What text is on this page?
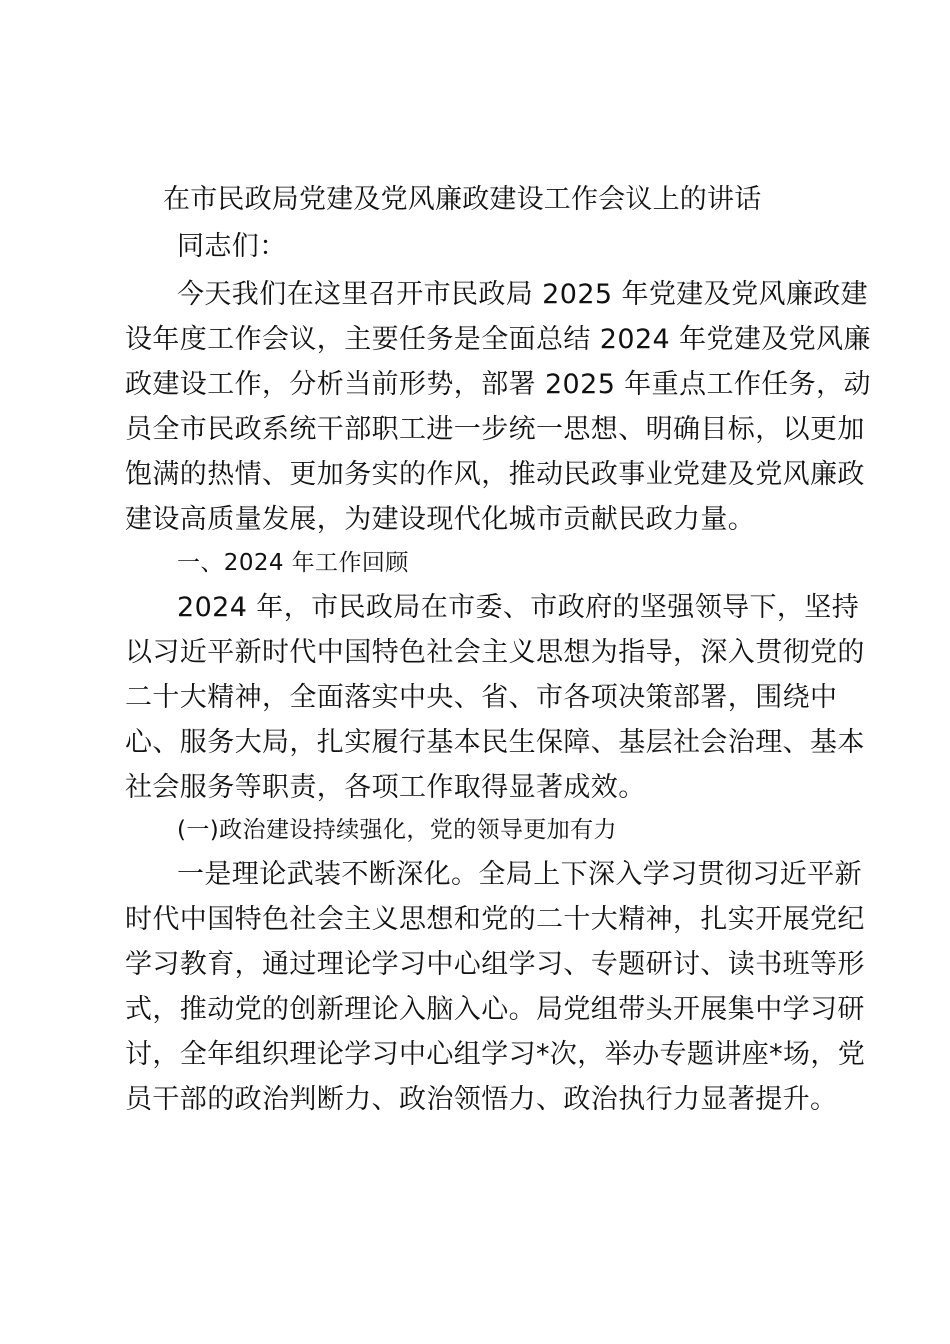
在市民政局党建及党风廉政建设工作会议上的讲话
同志们：
今天我们在这里召开市民政局 2025 年党建及党风廉政建
设年度工作会议，主要任务是全面总结 2024 年党建及党风廉
政建设工作，分析当前形势，部署 2025 年重点工作任务，动
员全市民政系统干部职工进一步统一思想、明确目标，以更加
饱满的热情、更加务实的作风，推动民政事业党建及党风廉政
建设高质量发展，为建设现代化城市贡献民政力量。
一、2024 年工作回顾
2024 年，市民政局在市委、市政府的坚强领导下，坚持
以习近平新时代中国特色社会主义思想为指导，深入贯彻党的
二十大精神，全面落实中央、省、市各项决策部署，围绕中
心、服务大局，扎实履行基本民生保障、基层社会治理、基本
社会服务等职责，各项工作取得显著成效。
(一)政治建设持续强化，党的领导更加有力
一是理论武装不断深化。全局上下深入学习贯彻习近平新
时代中国特色社会主义思想和党的二十大精神，扎实开展党纪
学习教育，通过理论学习中心组学习、专题研讨、读书班等形
式，推动党的创新理论入脑入心。局党组带头开展集中学习研
讨，全年组织理论学习中心组学习*次，举办专题讲座*场，党
员干部的政治判断力、政治领悟力、政治执行力显著提升。
